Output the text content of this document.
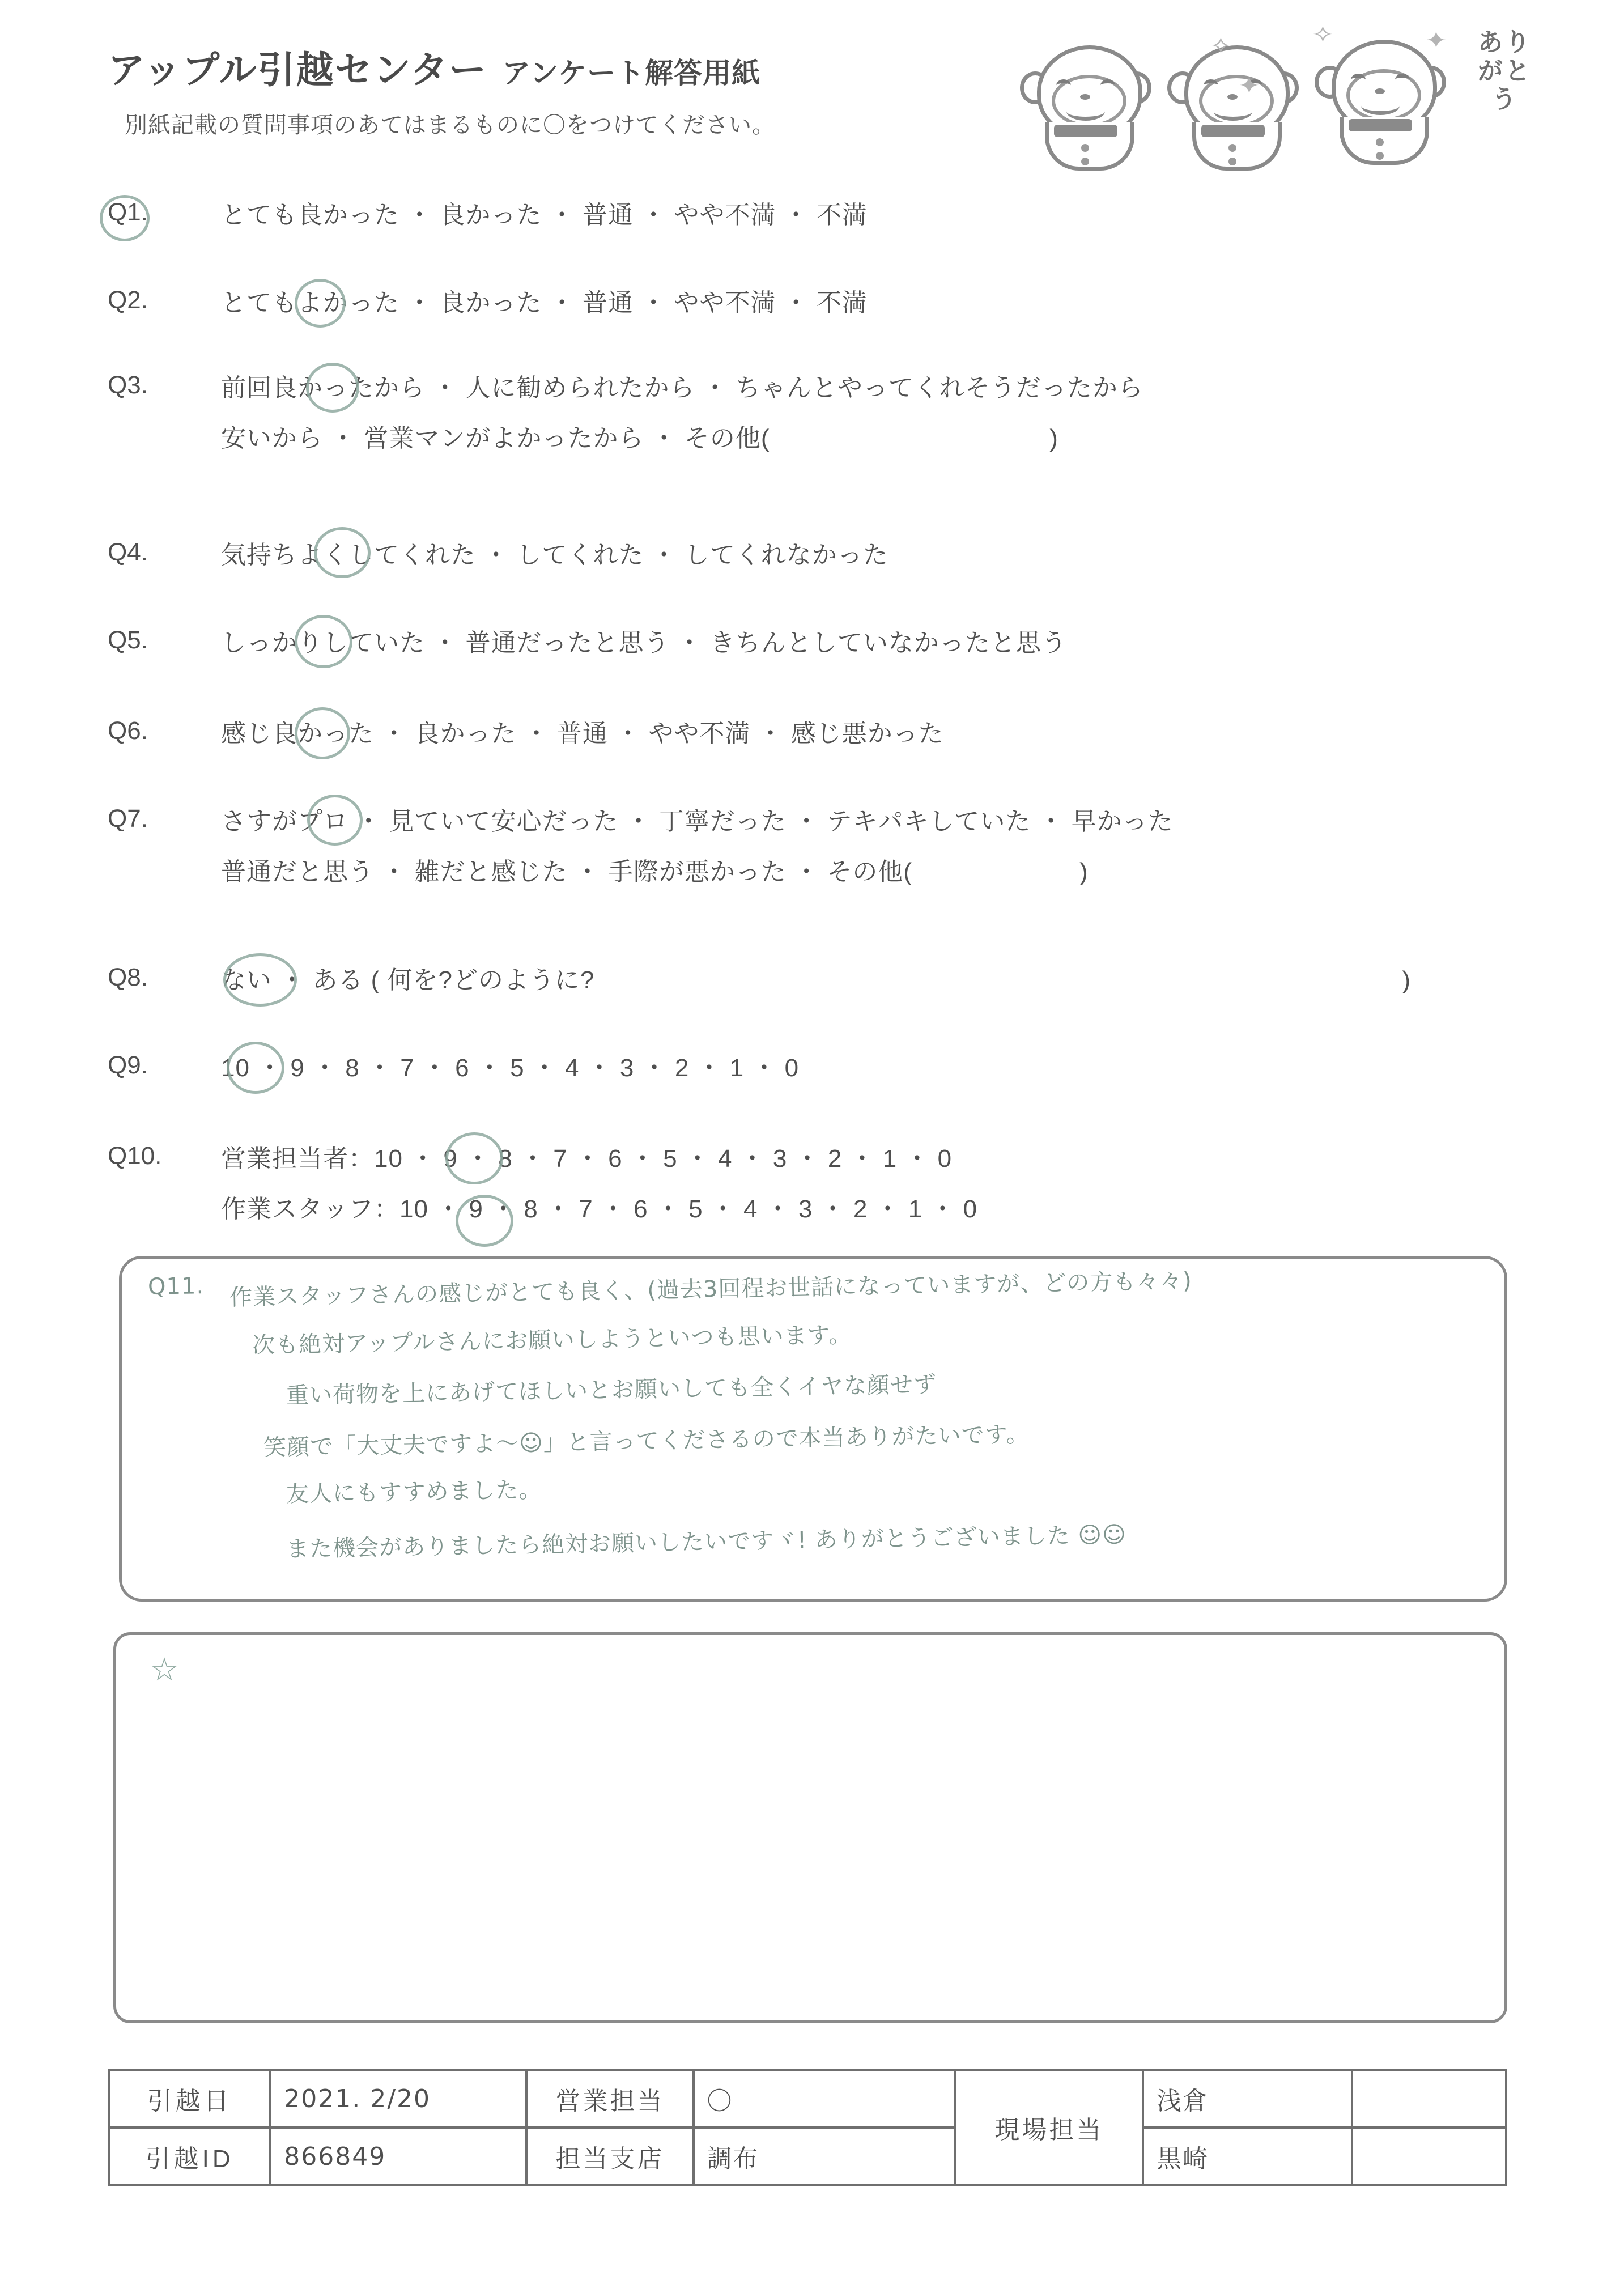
アップル引越センター アンケート解答用紙
別紙記載の質問事項のあてはまるものに〇をつけてください。
✧
✦
✧	✦ ありがとう
Q1.	とても良かった ・ 良かった ・ 普通 ・ やや不満 ・ 不満
Q2.	とてもよかった ・ 良かった ・ 普通 ・ やや不満 ・ 不満
Q3.	前回良かったから ・ 人に勧められたから ・ ちゃんとやってくれそうだったから
安いから ・ 営業マンがよかったから ・ その他(	)
Q4.	気持ちよくしてくれた ・ してくれた ・ してくれなかった
Q5.	しっかりしていた ・ 普通だったと思う ・ きちんとしていなかったと思う
Q6.	感じ良かった ・ 良かった ・ 普通 ・ やや不満 ・ 感じ悪かった
Q7.	さすがプロ ・ 見ていて安心だった ・ 丁寧だった ・ テキパキしていた ・ 早かった
普通だと思う ・ 雑だと感じた ・ 手際が悪かった ・ その他(	)
Q8.	ない ・ ある ( 何を?どのように?	)
Q9.	10 ・ 9 ・ 8 ・ 7 ・ 6 ・ 5 ・ 4 ・ 3 ・ 2 ・ 1 ・ 0
Q10.	営業担当者：10 ・ 9 ・ 8 ・ 7 ・ 6 ・ 5 ・ 4 ・ 3 ・ 2 ・ 1 ・ 0
作業スタッフ：10 ・ 9 ・ 8 ・ 7 ・ 6 ・ 5 ・ 4 ・ 3 ・ 2 ・ 1 ・ 0
Q11. 作業スタッフさんの感じがとても良く、(過去3回程お世話になっていますが、どの方も々々)
次も絶対アップルさんにお願いしようといつも思います。
重い荷物を上にあげてほしいとお願いしても全くイヤな顔せず
笑顔で「大丈夫ですよ〜☺」と言ってくださるので本当ありがたいです。
友人にもすすめました。
また機会がありましたら絶対お願いしたいですヾ! ありがとうございました ☺☺
☆
引越日	2021. 2/20	営業担当	〇	現場担当	浅倉	
引越ID	866849	担当支店	調布		黒崎	
